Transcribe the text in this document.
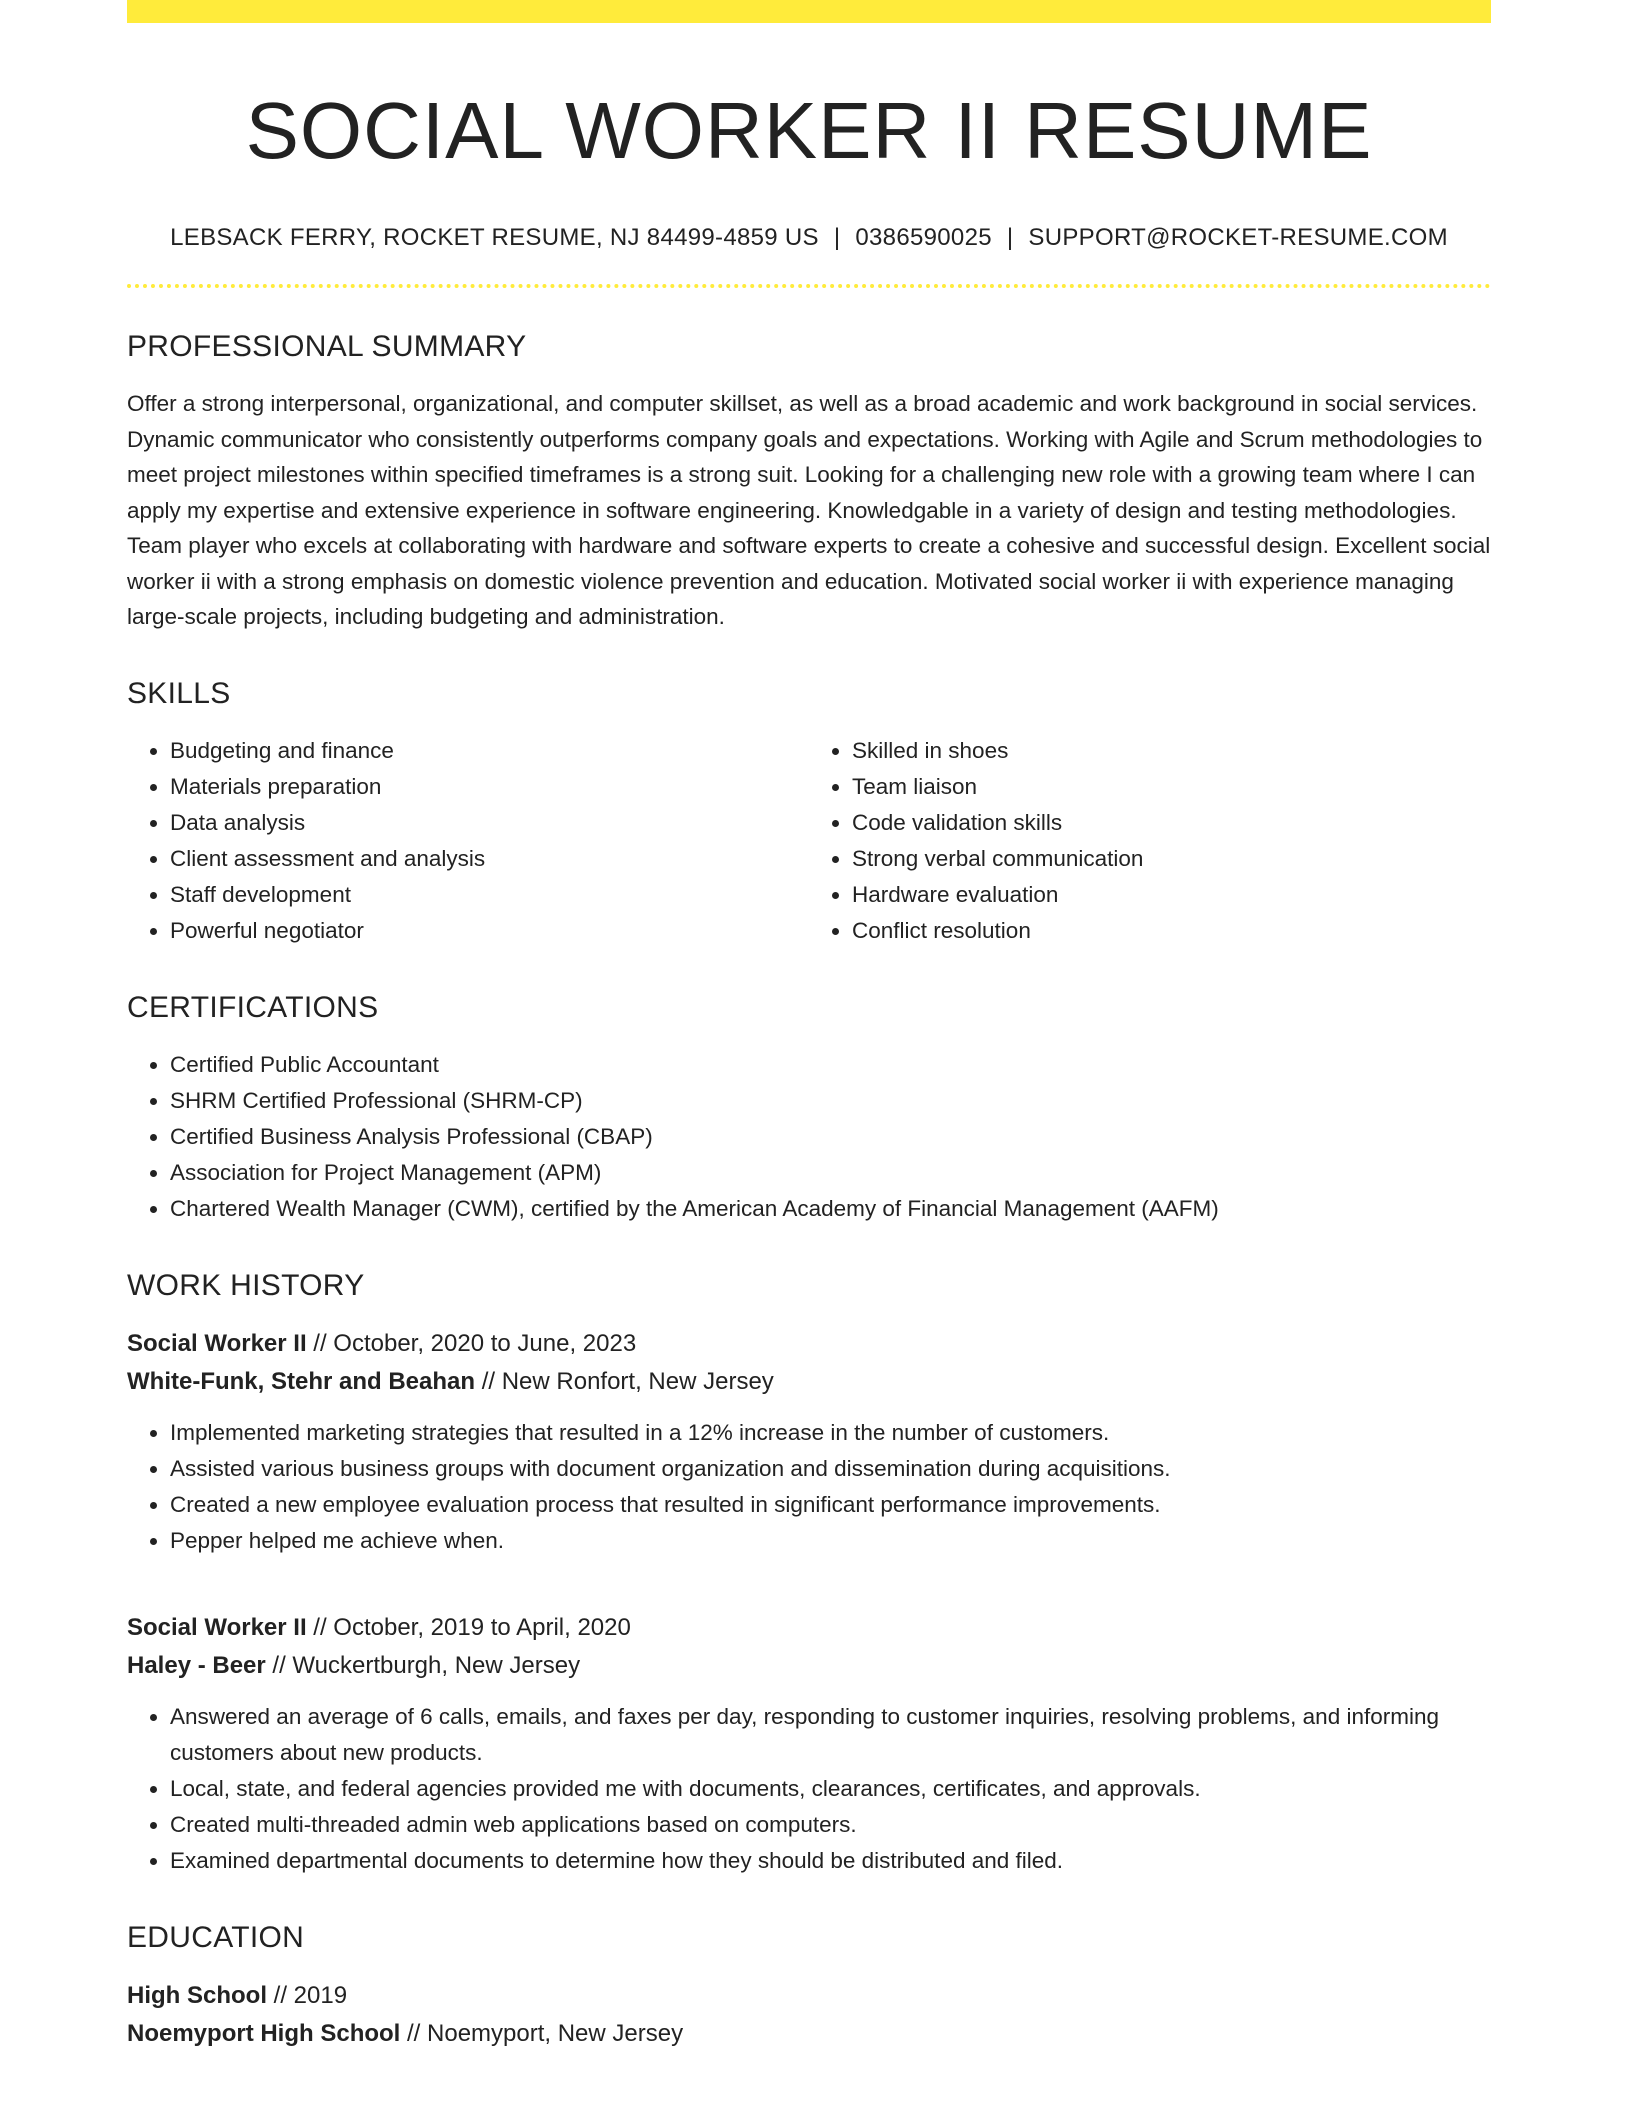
SOCIAL WORKER II RESUME
LEBSACK FERRY, ROCKET RESUME, NJ 84499-4859 US | 0386590025 | SUPPORT@ROCKET-RESUME.COM
PROFESSIONAL SUMMARY

Offer a strong interpersonal, organizational, and computer skillset, as well as a broad academic and work background in social services. Dynamic communicator who consistently outperforms company goals and expectations. Working with Agile and Scrum methodologies to meet project milestones within specified timeframes is a strong suit. Looking for a challenging new role with a growing team where I can apply my expertise and extensive experience in software engineering. Knowledgable in a variety of design and testing methodologies. Team player who excels at collaborating with hardware and software experts to create a cohesive and successful design. Excellent social worker ii with a strong emphasis on domestic violence prevention and education. Motivated social worker ii with experience managing large-scale projects, including budgeting and administration.

SKILLS
• Budgeting and finance
• Materials preparation
• Data analysis
• Client assessment and analysis
• Staff development
• Powerful negotiator
• Skilled in shoes
• Team liaison
• Code validation skills
• Strong verbal communication
• Hardware evaluation
• Conflict resolution
CERTIFICATIONS
• Certified Public Accountant
• SHRM Certified Professional (SHRM-CP)
• Certified Business Analysis Professional (CBAP)
• Association for Project Management (APM)
• Chartered Wealth Manager (CWM), certified by the American Academy of Financial Management (AAFM)
WORK HISTORY
Social Worker II // October, 2020 to June, 2023
White-Funk, Stehr and Beahan // New Ronfort, New Jersey
• Implemented marketing strategies that resulted in a 12% increase in the number of customers.
• Assisted various business groups with document organization and dissemination during acquisitions.
• Created a new employee evaluation process that resulted in significant performance improvements.
• Pepper helped me achieve when.
Social Worker II // October, 2019 to April, 2020
Haley - Beer // Wuckertburgh, New Jersey
• Answered an average of 6 calls, emails, and faxes per day, responding to customer inquiries, resolving problems, and informing customers about new products.
• Local, state, and federal agencies provided me with documents, clearances, certificates, and approvals.
• Created multi-threaded admin web applications based on computers.
• Examined departmental documents to determine how they should be distributed and filed.
EDUCATION
High School // 2019
Noemyport High School // Noemyport, New Jersey
